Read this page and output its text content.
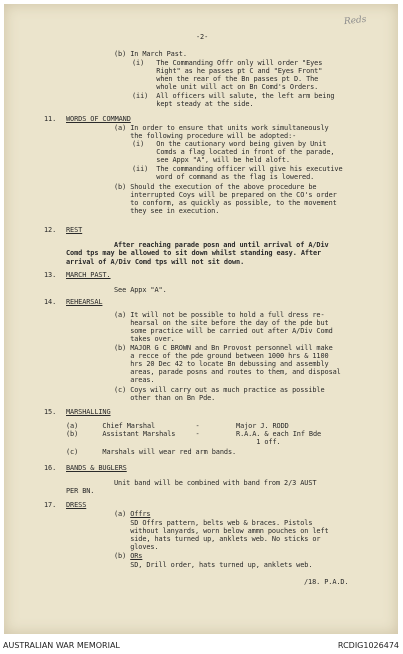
-2-
Reds
(b) In March Past.
(i)   The Commanding Offr only will order "Eyes
Right" as he passes pt C and "Eyes Front"
when the rear of the Bn passes pt D. The
whole unit will act on Bn Comd's Orders.
(ii)  All officers will salute, the left arm being
kept steady at the side.
11. WORDS OF COMMAND
(a) In order to ensure that units work simultaneously
the following procedure will be adopted:-
(i)   On the cautionary word being given by Unit
Comds a flag located in front of the parade,
see Appx "A", will be held aloft.
(ii)  The commanding officer will give his executive
word of command as the flag is lowered.
(b) Should the execution of the above procedure be
interrupted Coys will be prepared on the CO's order
to conform, as quickly as possible, to the movement
they see in execution.
12. REST
After reaching parade posn and until arrival of A/Div
Comd tps may be allowed to sit down whilst standing easy. After
arrival of A/Div Comd tps will not sit down.
13. MARCH PAST.
See Appx "A".
14. REHEARSAL
(a) It will not be possible to hold a full dress re-
hearsal on the site before the day of the pde but
some practice will be carried out after A/Div Comd
takes over.
(b) MAJOR G C BROWN and Bn Provost personnel will make
a recce of the pde ground between 1000 hrs & 1100
hrs 20 Dec 42 to locate Bn debussing and assembly
areas, parade posns and routes to them, and disposal
areas.
(c) Coys will carry out as much practice as possible
other than on Bn Pde.
15. MARSHALLING
(a)      Chief Marshal          -         Major J. RODD
(b)      Assistant Marshals     -         R.A.A. & each Inf Bde
1 off.
(c)      Marshals will wear red arm bands.
16. BANDS & BUGLERS
Unit band will be combined with band from 2/3 AUST
PER BN.
17. DRESS
(a) Offrs
SD Offrs pattern, belts web & braces. Pistols
without lanyards, worn below ammn pouches on left
side, hats turned up, anklets web. No sticks or
gloves.
(b) ORs
SD, Drill order, hats turned up, anklets web.
/18. P.A.D.
AUSTRALIAN WAR MEMORIAL	RCDIG1026474
